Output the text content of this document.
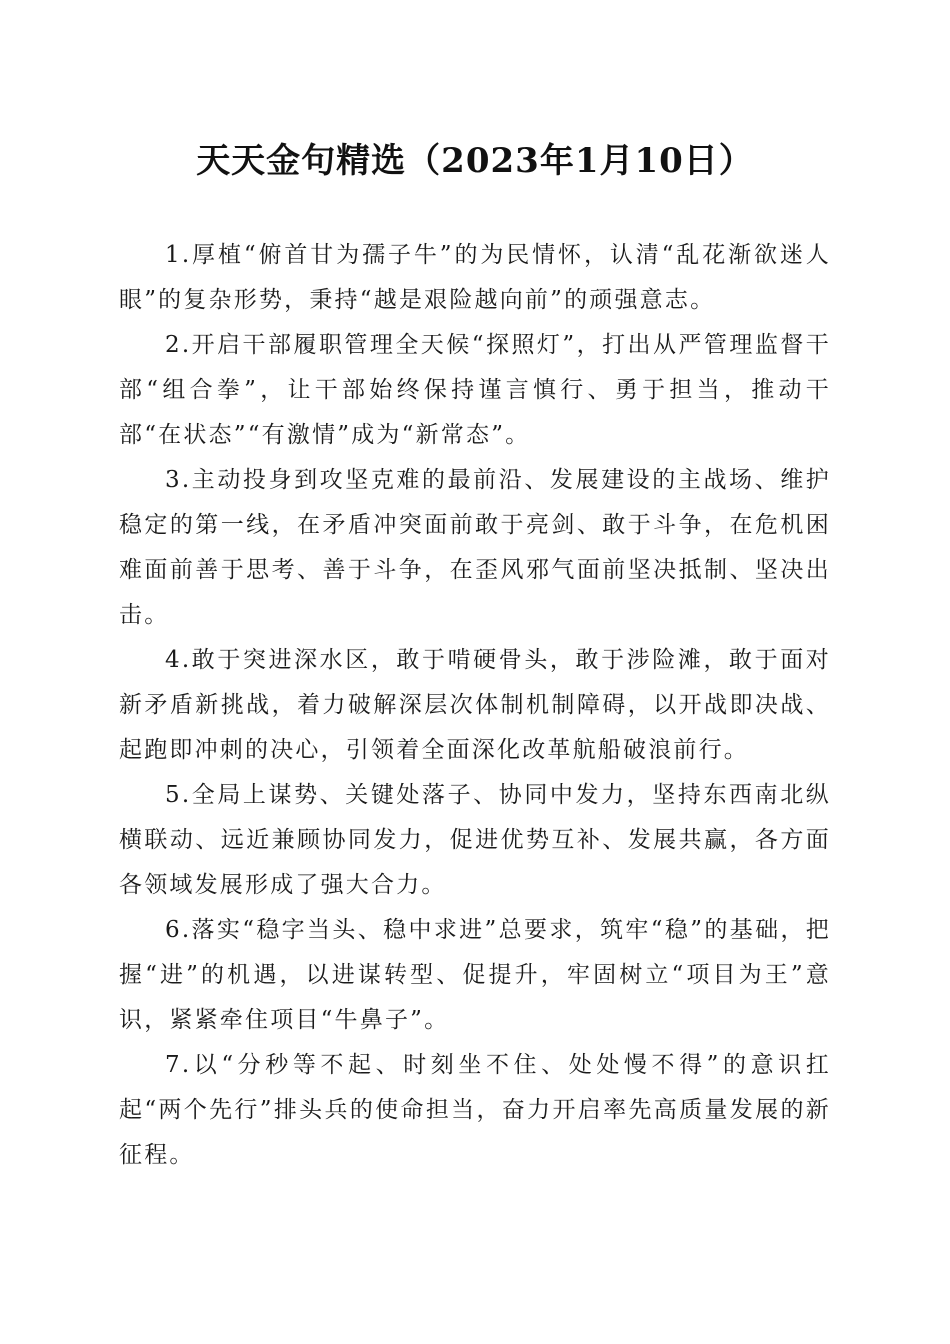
天天金句精选（2023年1月10日）

1.厚植“俯首甘为孺子牛”的为民情怀，认清“乱花渐欲迷人眼”的复杂形势，秉持“越是艰险越向前”的顽强意志。

2.开启干部履职管理全天候“探照灯”，打出从严管理监督干部“组合拳”，让干部始终保持谨言慎行、勇于担当，推动干部“在状态”“有激情”成为“新常态”。

3.主动投身到攻坚克难的最前沿、发展建设的主战场、维护稳定的第一线，在矛盾冲突面前敢于亮剑、敢于斗争，在危机困难面前善于思考、善于斗争，在歪风邪气面前坚决抵制、坚决出击。

4.敢于突进深水区，敢于啃硬骨头，敢于涉险滩，敢于面对新矛盾新挑战，着力破解深层次体制机制障碍，以开战即决战、起跑即冲刺的决心，引领着全面深化改革航船破浪前行。

5.全局上谋势、关键处落子、协同中发力，坚持东西南北纵横联动、远近兼顾协同发力，促进优势互补、发展共赢，各方面各领域发展形成了强大合力。

6.落实“稳字当头、稳中求进”总要求，筑牢“稳”的基础，把握“进”的机遇，以进谋转型、促提升，牢固树立“项目为王”意识，紧紧牵住项目“牛鼻子”。

7.以“分秒等不起、时刻坐不住、处处慢不得”的意识扛起“两个先行”排头兵的使命担当，奋力开启率先高质量发展的新征程。
